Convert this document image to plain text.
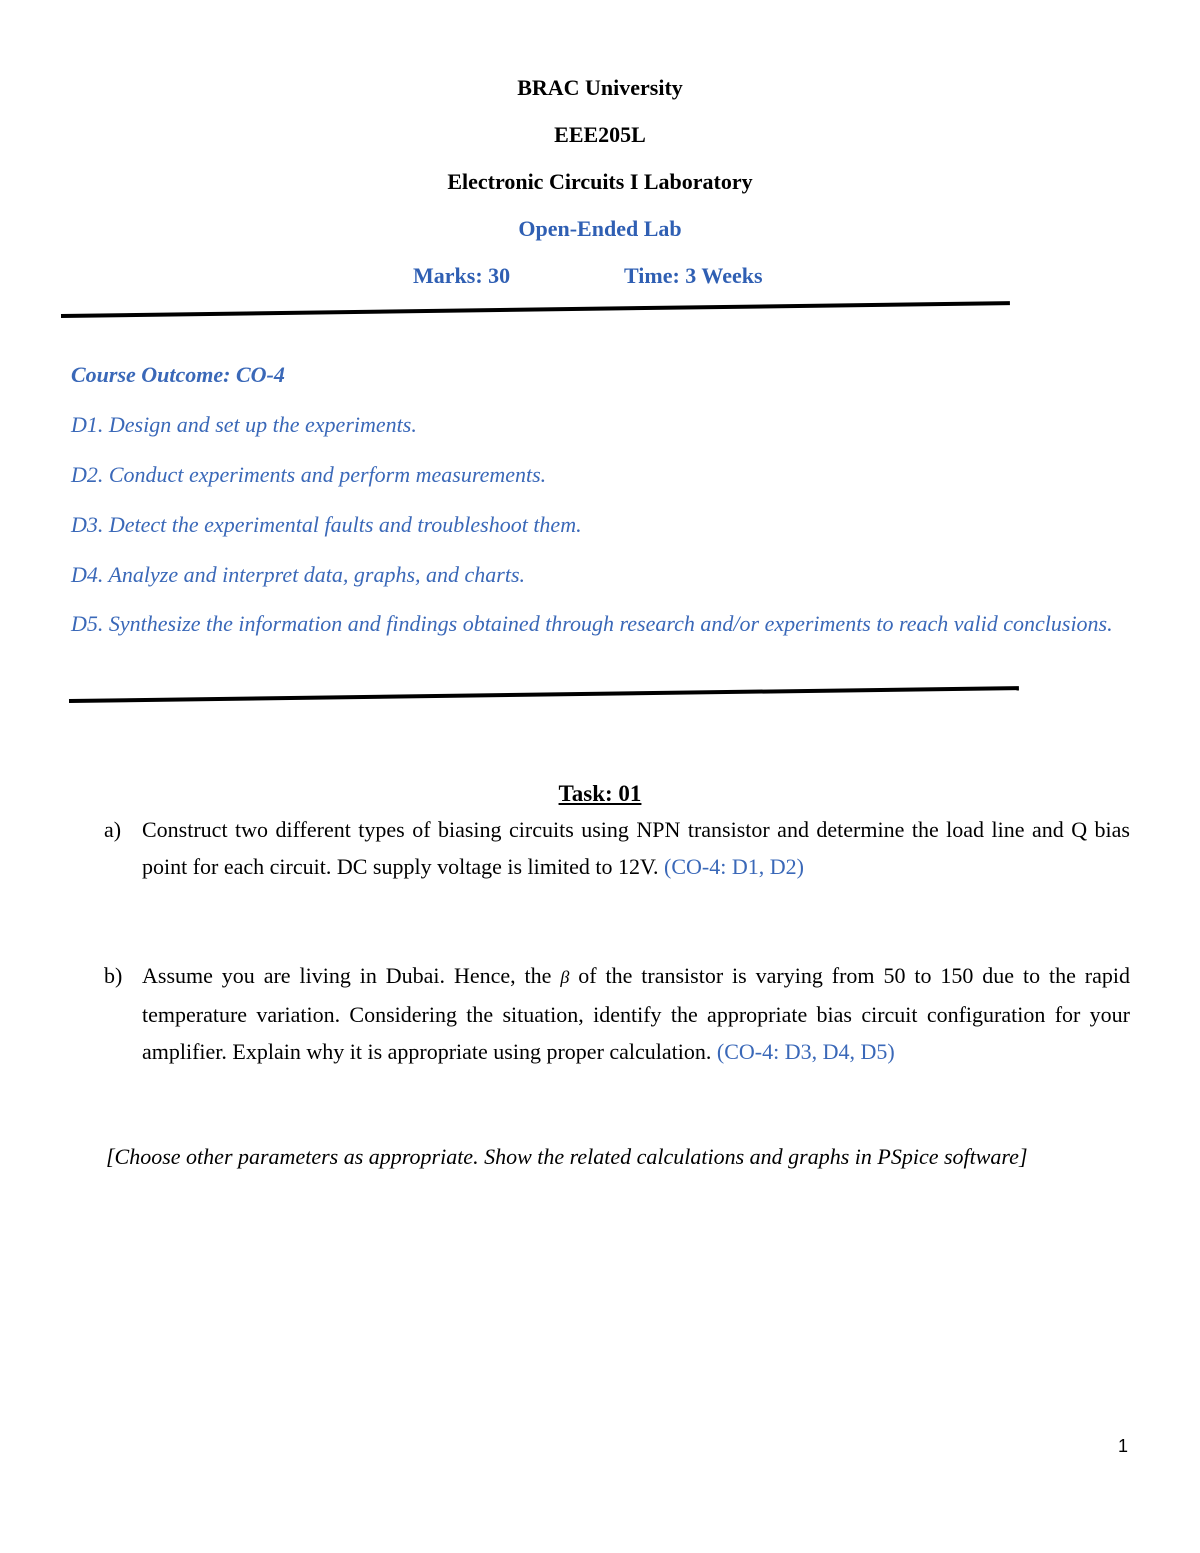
BRAC University
EEE205L
Electronic Circuits I Laboratory
Open-Ended Lab
Marks: 30	Time: 3 Weeks
Course Outcome: CO-4
D1. Design and set up the experiments.
D2. Conduct experiments and perform measurements.
D3. Detect the experimental faults and troubleshoot them.
D4. Analyze and interpret data, graphs, and charts.
D5. Synthesize the information and findings obtained through research and/or experiments to reach valid conclusions.
Task: 01
a) Construct two different types of biasing circuits using NPN transistor and determine the load line and Q bias point for each circuit. DC supply voltage is limited to 12V. (CO-4: D1, D2)
b) Assume you are living in Dubai. Hence, the β of the transistor is varying from 50 to 150 due to the rapid temperature variation. Considering the situation, identify the appropriate bias circuit configuration for your amplifier. Explain why it is appropriate using proper calculation. (CO-4: D3, D4, D5)
[Choose other parameters as appropriate. Show the related calculations and graphs in PSpice software]
1
